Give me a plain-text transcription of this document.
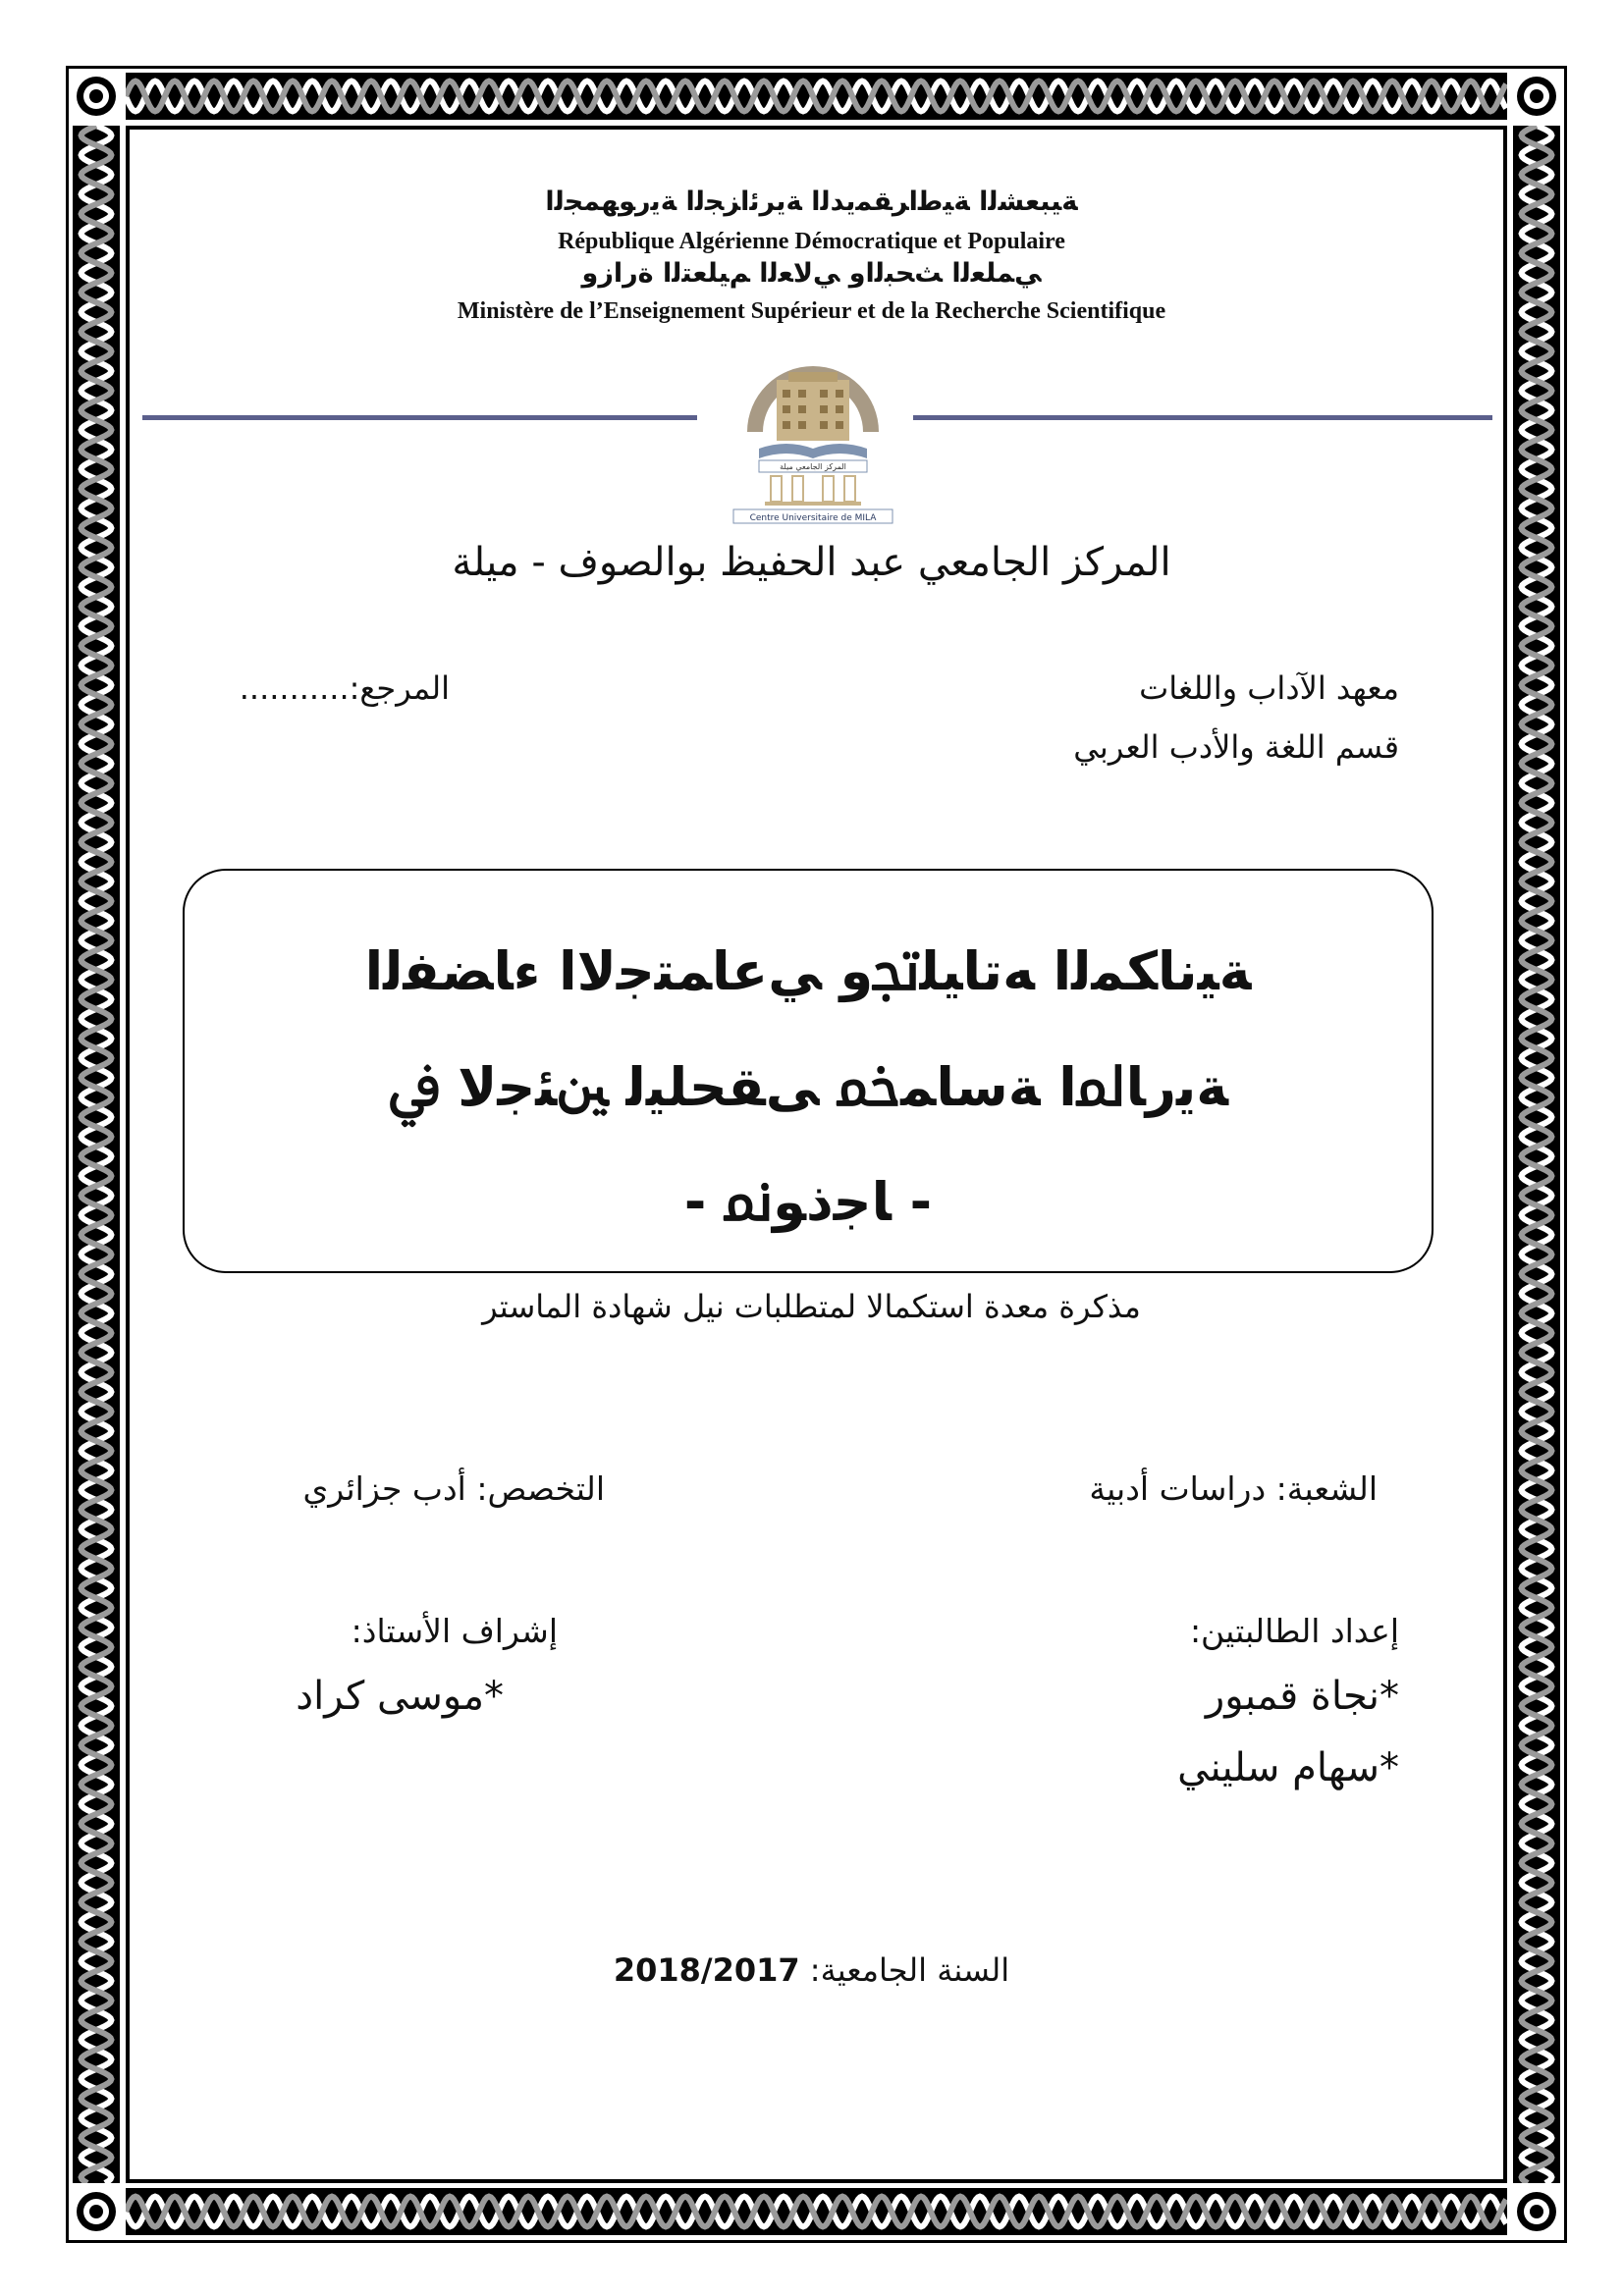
ﺔﻴﺒﻌﺸﻟا ﺔﻴﻃاﺮﻘﻤﻳﺪﻟا ﺔﻳﺮﺋاﺰﺠﻟا ﺔﻳرﻮﻬﻤﺠﻟا
République Algérienne Démocratique et Populaire
ﻲﻤﻠﻌﻟا ﺚﺤﺒﻟاو ﻲﻟﺎﻌﻟا ﻢﻴﻠﻌﺘﻟا ةرازو
Ministère de l’Enseignement Supérieur et de la Recherche Scientifique
المركز الجامعي ميلة
Centre Universitaire de MILA
المركز الجامعي عبد الحفيظ بوالصوف - ميلة
معهد الآداب واللغات
قسم اللغة والأدب العربي
المرجع:...........
ﺔﻴﻧﺎﻜﻤﻟا ﻪﺗﺎﻴﻠﲡو ﻲﻋﺎﻤﺘﺟﻻا ءﺎﻀﻔﻟا
ﺔﻳرﺎﳌا ﺔﺳﺎﻤﲬ ﻰﻘﺤﻠﻴﻟ ﲔﺌﺟﻻ ﰲ
- ﺎﺟذﻮﳕ -
مذكرة معدة استكمالا لمتطلبات نيل شهادة الماستر
الشعبة: دراسات أدبية
التخصص: أدب جزائري
إعداد الطالبتين:
*نجاة قمبور
*سهام سليني
إشراف الأستاذ:
*موسى كراد
السنة الجامعية: 2018/2017
